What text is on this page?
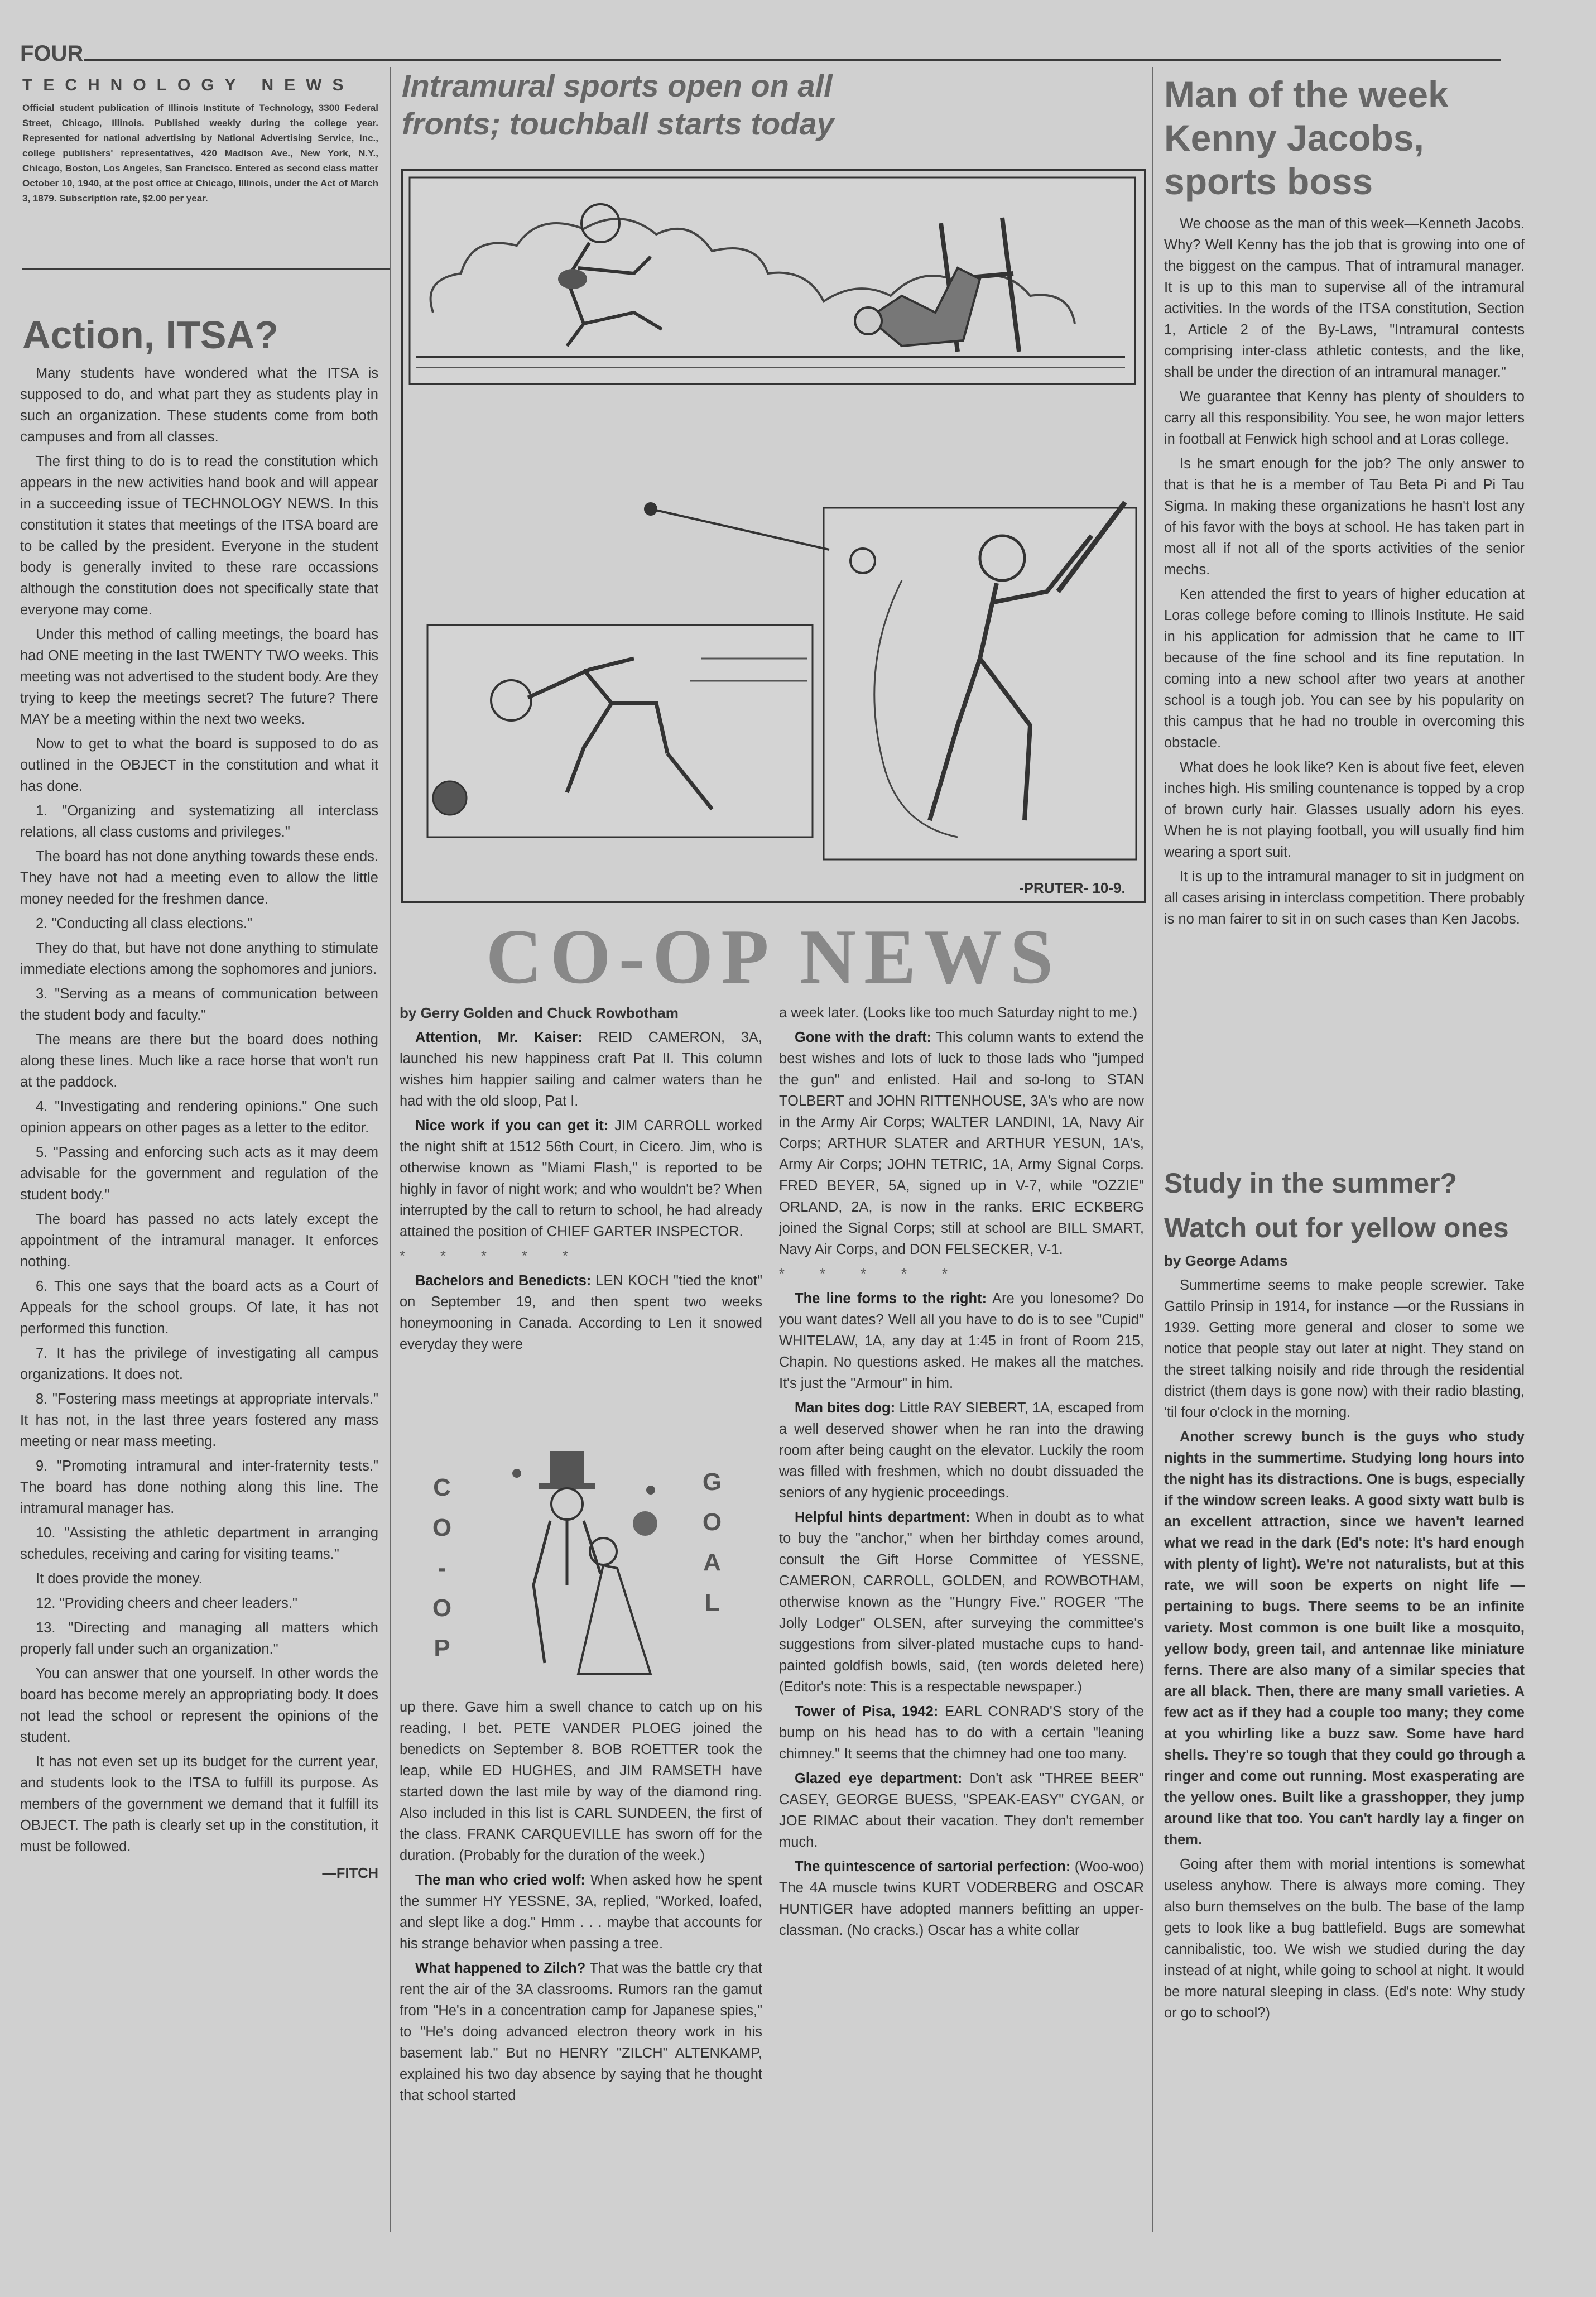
FOUR
TECHNOLOGY NEWS
Official student publication of Illinois Institute of Technology, 3300 Federal Street, Chicago, Illinois. Published weekly during the college year. Represented for national advertising by National Advertising Service, Inc., college publishers' representatives, 420 Madison Ave., New York, N.Y., Chicago, Boston, Los Angeles, San Francisco. Entered as second class matter October 10, 1940, at the post office at Chicago, Illinois, under the Act of March 3, 1879. Subscription rate, $2.00 per year.
Action, ITSA?

Many students have wondered what the ITSA is supposed to do, and what part they as students play in such an organization. These students come from both campuses and from all classes.

The first thing to do is to read the constitution which appears in the new activities hand book and will appear in a succeeding issue of TECHNOLOGY NEWS. In this constitution it states that meetings of the ITSA board are to be called by the president. Everyone in the student body is generally invited to these rare occassions although the constitution does not specifically state that everyone may come.

Under this method of calling meetings, the board has had ONE meeting in the last TWENTY TWO weeks. This meeting was not advertised to the student body. Are they trying to keep the meetings secret? The future? There MAY be a meeting within the next two weeks.

Now to get to what the board is supposed to do as outlined in the OBJECT in the constitution and what it has done.

1. "Organizing and systematizing all interclass relations, all class customs and privileges."

The board has not done anything towards these ends. They have not had a meeting even to allow the little money needed for the freshmen dance.

2. "Conducting all class elections."

They do that, but have not done anything to stimulate immediate elections among the sophomores and juniors.

3. "Serving as a means of communication between the student body and faculty."

The means are there but the board does nothing along these lines. Much like a race horse that won't run at the paddock.

4. "Investigating and rendering opinions." One such opinion appears on other pages as a letter to the editor.

5. "Passing and enforcing such acts as it may deem advisable for the government and regulation of the student body."

The board has passed no acts lately except the appointment of the intramural manager. It enforces nothing.

6. This one says that the board acts as a Court of Appeals for the school groups. Of late, it has not performed this function.

7. It has the privilege of investigating all campus organizations. It does not.

8. "Fostering mass meetings at appropriate intervals." It has not, in the last three years fostered any mass meeting or near mass meeting.

9. "Promoting intramural and inter-fraternity tests." The board has done nothing along this line. The intramural manager has.

10. "Assisting the athletic department in arranging schedules, receiving and caring for visiting teams."

It does provide the money.

12. "Providing cheers and cheer leaders."

13. "Directing and managing all matters which properly fall under such an organization."

You can answer that one yourself. In other words the board has become merely an appropriating body. It does not lead the school or represent the opinions of the student.

It has not even set up its budget for the current year, and students look to the ITSA to fulfill its purpose. As members of the government we demand that it fulfill its OBJECT. The path is clearly set up in the constitution, it must be followed.

—FITCH
Intramural sports open on all
fronts; touchball starts today
-PRUTER- 10-9.
CO-OP NEWS

by Gerry Golden and Chuck Rowbotham

Attention, Mr. Kaiser: REID CAMERON, 3A, launched his new happiness craft Pat II. This column wishes him happier sailing and calmer waters than he had with the old sloop, Pat I.

Nice work if you can get it: JIM CARROLL worked the night shift at 1512 56th Court, in Cicero. Jim, who is otherwise known as "Miami Flash," is reported to be highly in favor of night work; and who wouldn't be? When interrupted by the call to return to school, he had already attained the position of CHIEF GARTER INSPECTOR.

* * * * *

Bachelors and Benedicts: LEN KOCH "tied the knot" on September 19, and then spent two weeks honeymooning in Canada. According to Len it snowed everyday they were

C
O
-
O
P
G
O
A
L

up there. Gave him a swell chance to catch up on his reading, I bet. PETE VANDER PLOEG joined the benedicts on September 8. BOB ROETTER took the leap, while ED HUGHES, and JIM RAMSETH have started down the last mile by way of the diamond ring. Also included in this list is CARL SUNDEEN, the first of the class. FRANK CARQUEVILLE has sworn off for the duration. (Probably for the duration of the week.)

The man who cried wolf: When asked how he spent the summer HY YESSNE, 3A, replied, "Worked, loafed, and slept like a dog." Hmm . . . maybe that accounts for his strange behavior when passing a tree.

What happened to Zilch? That was the battle cry that rent the air of the 3A classrooms. Rumors ran the gamut from "He's in a concentration camp for Japanese spies," to "He's doing advanced electron theory work in his basement lab." But no HENRY "ZILCH" ALTENKAMP, explained his two day absence by saying that he thought that school started

a week later. (Looks like too much Saturday night to me.)

Gone with the draft: This column wants to extend the best wishes and lots of luck to those lads who "jumped the gun" and enlisted. Hail and so-long to STAN TOLBERT and JOHN RITTENHOUSE, 3A's who are now in the Army Air Corps; WALTER LANDINI, 1A, Navy Air Corps; ARTHUR SLATER and ARTHUR YESUN, 1A's, Army Air Corps; JOHN TETRIC, 1A, Army Signal Corps. FRED BEYER, 5A, signed up in V-7, while "OZZIE" ORLAND, 2A, is now in the ranks. ERIC ECKBERG joined the Signal Corps; still at school are BILL SMART, Navy Air Corps, and DON FELSECKER, V-1.

* * * * *

The line forms to the right: Are you lonesome? Do you want dates? Well all you have to do is to see "Cupid" WHITELAW, 1A, any day at 1:45 in front of Room 215, Chapin. No questions asked. He makes all the matches. It's just the "Armour" in him.

Man bites dog: Little RAY SIEBERT, 1A, escaped from a well deserved shower when he ran into the drawing room after being caught on the elevator. Luckily the room was filled with freshmen, which no doubt dissuaded the seniors of any hygienic proceedings.

Helpful hints department: When in doubt as to what to buy the "anchor," when her birthday comes around, consult the Gift Horse Committee of YESSNE, CAMERON, CARROLL, GOLDEN, and ROWBOTHAM, otherwise known as the "Hungry Five." ROGER "The Jolly Lodger" OLSEN, after surveying the committee's suggestions from silver-plated mustache cups to hand-painted goldfish bowls, said, (ten words deleted here) (Editor's note: This is a respectable newspaper.)

Tower of Pisa, 1942: EARL CONRAD'S story of the bump on his head has to do with a certain "leaning chimney." It seems that the chimney had one too many.

Glazed eye department: Don't ask "THREE BEER" CASEY, GEORGE BUESS, "SPEAK-EASY" CYGAN, or JOE RIMAC about their vacation. They don't remember much.

The quintescence of sartorial perfection: (Woo-woo) The 4A muscle twins KURT VODERBERG and OSCAR HUNTIGER have adopted manners befitting an upper-classman. (No cracks.) Oscar has a white collar

Man of the week
Kenny Jacobs,
sports boss

We choose as the man of this week—Kenneth Jacobs. Why? Well Kenny has the job that is growing into one of the biggest on the campus. That of intramural manager. It is up to this man to supervise all of the intramural activities. In the words of the ITSA constitution, Section 1, Article 2 of the By-Laws, "Intramural contests comprising inter-class athletic contests, and the like, shall be under the direction of an intramural manager."

We guarantee that Kenny has plenty of shoulders to carry all this responsibility. You see, he won major letters in football at Fenwick high school and at Loras college.

Is he smart enough for the job? The only answer to that is that he is a member of Tau Beta Pi and Pi Tau Sigma. In making these organizations he hasn't lost any of his favor with the boys at school. He has taken part in most all if not all of the sports activities of the senior mechs.

Ken attended the first to years of higher education at Loras college before coming to Illinois Institute. He said in his application for admission that he came to IIT because of the fine school and its fine reputation. In coming into a new school after two years at another school is a tough job. You can see by his popularity on this campus that he had no trouble in overcoming this obstacle.

What does he look like? Ken is about five feet, eleven inches high. His smiling countenance is topped by a crop of brown curly hair. Glasses usually adorn his eyes. When he is not playing football, you will usually find him wearing a sport suit.

It is up to the intramural manager to sit in judgment on all cases arising in interclass competition. There probably is no man fairer to sit in on such cases than Ken Jacobs.

Study in the summer?
Watch out for yellow ones

by George Adams

Summertime seems to make people screwier. Take Gattilo Prinsip in 1914, for instance —or the Russians in 1939. Getting more general and closer to some we notice that people stay out later at night. They stand on the street talking noisily and ride through the residential district (them days is gone now) with their radio blasting, 'til four o'clock in the morning.

Another screwy bunch is the guys who study nights in the summertime. Studying long hours into the night has its distractions. One is bugs, especially if the window screen leaks. A good sixty watt bulb is an excellent attraction, since we haven't learned what we read in the dark (Ed's note: It's hard enough with plenty of light). We're not naturalists, but at this rate, we will soon be experts on night life —pertaining to bugs. There seems to be an infinite variety. Most common is one built like a mosquito, yellow body, green tail, and antennae like miniature ferns. There are also many of a similar species that are all black. Then, there are many small varieties. A few act as if they had a couple too many; they come at you whirling like a buzz saw. Some have hard shells. They're so tough that they could go through a ringer and come out running. Most exasperating are the yellow ones. Built like a grasshopper, they jump around like that too. You can't hardly lay a finger on them.

Going after them with morial intentions is somewhat useless anyhow. There is always more coming. They also burn themselves on the bulb. The base of the lamp gets to look like a bug battlefield. Bugs are somewhat cannibalistic, too. We wish we studied during the day instead of at night, while going to school at night. It would be more natural sleeping in class. (Ed's note: Why study or go to school?)
